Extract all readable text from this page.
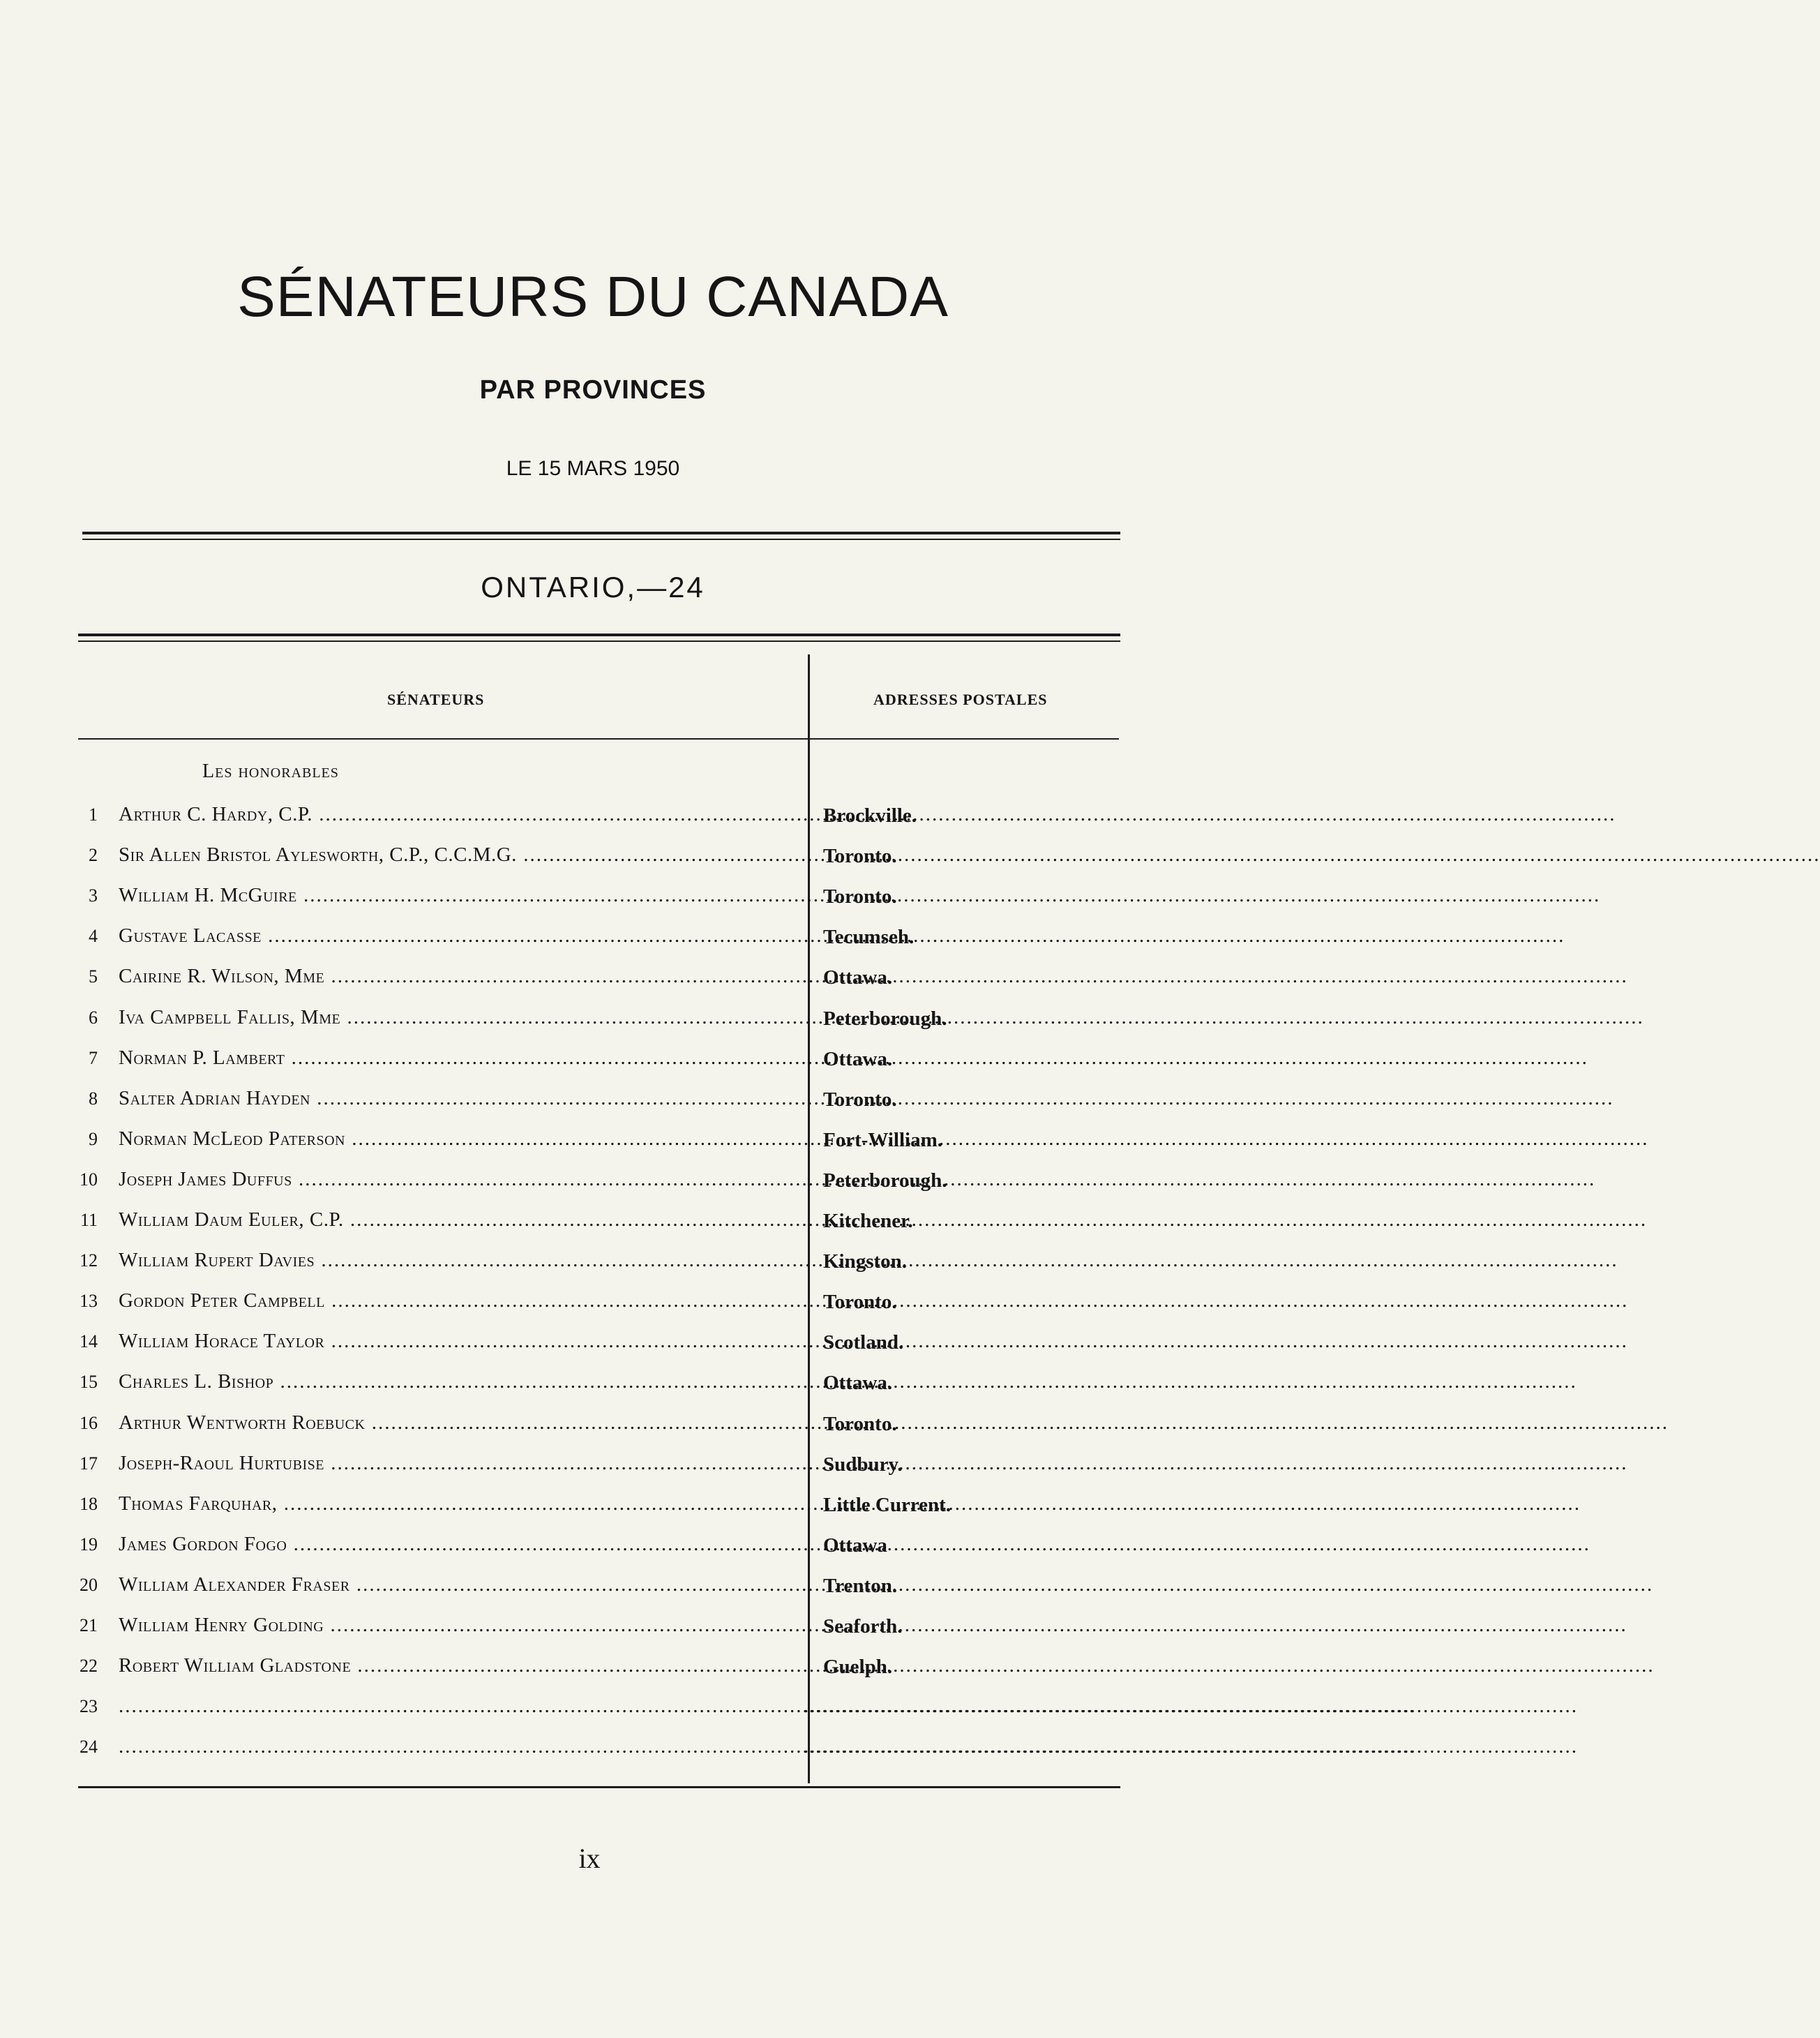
SÉNATEURS DU CANADA
PAR PROVINCES
LE 15 MARS 1950
ONTARIO,—24
SÉNATEURS	ADRESSES POSTALES
Les honorables
1 Arthur C. Hardy, C.P. .....	Brockville.
2 Sir Allen Bristol Aylesworth, C.P., C.C.M.G. .....	Toronto.
3 William H. McGuire .....	Toronto.
4 Gustave Lacasse .....	Tecumseh.
5 Cairine R. Wilson, Mme .....	Ottawa.
6 Iva Campbell Fallis, Mme .....	Peterborough.
7 Norman P. Lambert .....	Ottawa.
8 Salter Adrian Hayden .....	Toronto.
9 Norman McLeod Paterson .....	Fort-William.
10 Joseph James Duffus .....	Peterborough.
11 William Daum Euler, C.P. .....	Kitchener.
12 William Rupert Davies .....	Kingston.
13 Gordon Peter Campbell .....	Toronto.
14 William Horace Taylor .....	Scotland.
15 Charles L. Bishop .....	Ottawa.
16 Arthur Wentworth Roebuck .....	Toronto.
17 Joseph-Raoul Hurtubise .....	Sudbury.
18 Thomas Farquhar, .....	Little Current.
19 James Gordon Fogo .....	Ottawa
20 William Alexander Fraser .....	Trenton.
21 William Henry Golding .....	Seaforth.
22 Robert William Gladstone .....	Guelph.
23 .....	........................................................................................................................
24 .....	........................................................................................................................
ix
